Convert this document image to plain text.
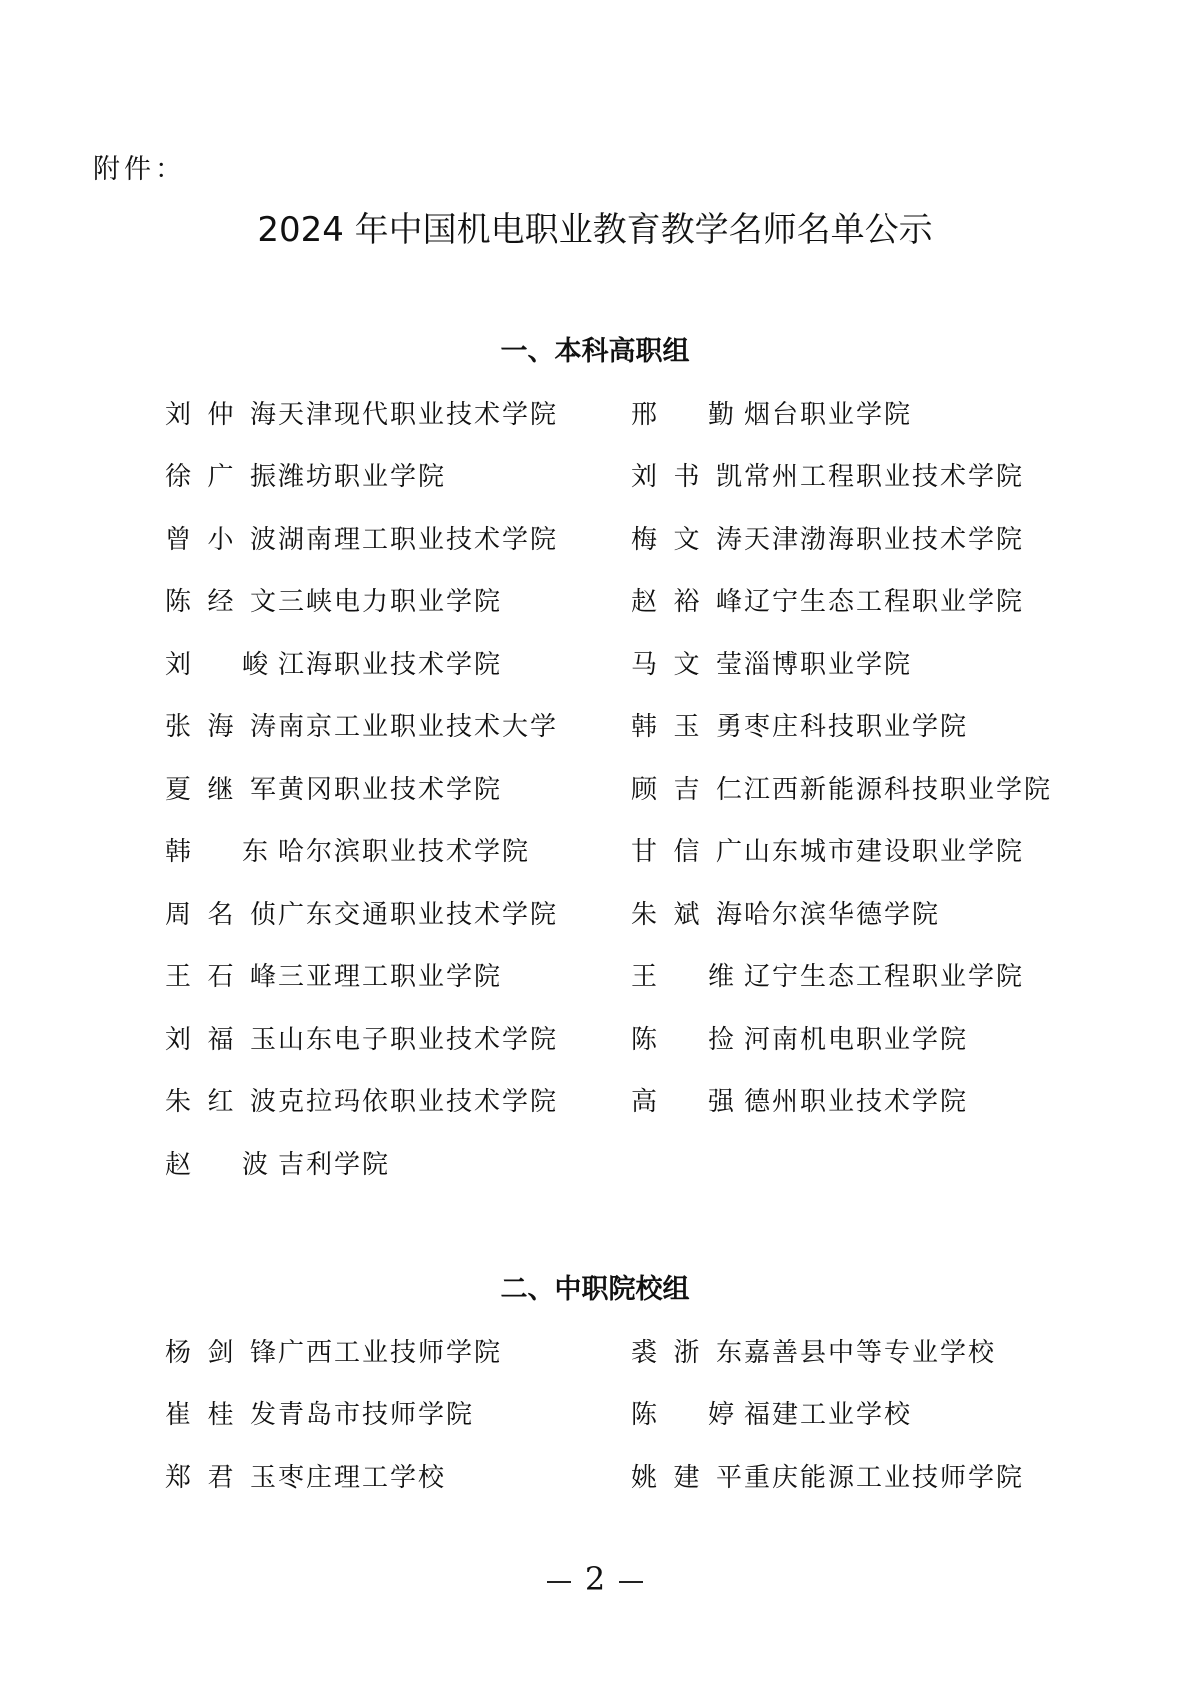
附件：
2024 年中国机电职业教育教学名师名单公示
一、本科高职组
刘仲海 天津现代职业技术学院	邢 勤 烟台职业学院
徐广振 潍坊职业学院	刘书凯 常州工程职业技术学院
曾小波 湖南理工职业技术学院	梅文涛 天津渤海职业技术学院
陈经文 三峡电力职业学院	赵裕峰 辽宁生态工程职业学院
刘 峻 江海职业技术学院	马文莹 淄博职业学院
张海涛 南京工业职业技术大学	韩玉勇 枣庄科技职业学院
夏继军 黄冈职业技术学院	顾吉仁 江西新能源科技职业学院
韩 东 哈尔滨职业技术学院	甘信广 山东城市建设职业学院
周名侦 广东交通职业技术学院	朱斌海 哈尔滨华德学院
王石峰 三亚理工职业学院	王 维 辽宁生态工程职业学院
刘福玉 山东电子职业技术学院	陈 捡 河南机电职业学院
朱红波 克拉玛依职业技术学院	高 强 德州职业技术学院
赵 波 吉利学院
二、中职院校组
杨剑锋 广西工业技师学院	裘浙东 嘉善县中等专业学校
崔桂发 青岛市技师学院	陈 婷 福建工业学校
郑君玉 枣庄理工学校	姚建平 重庆能源工业技师学院
2
